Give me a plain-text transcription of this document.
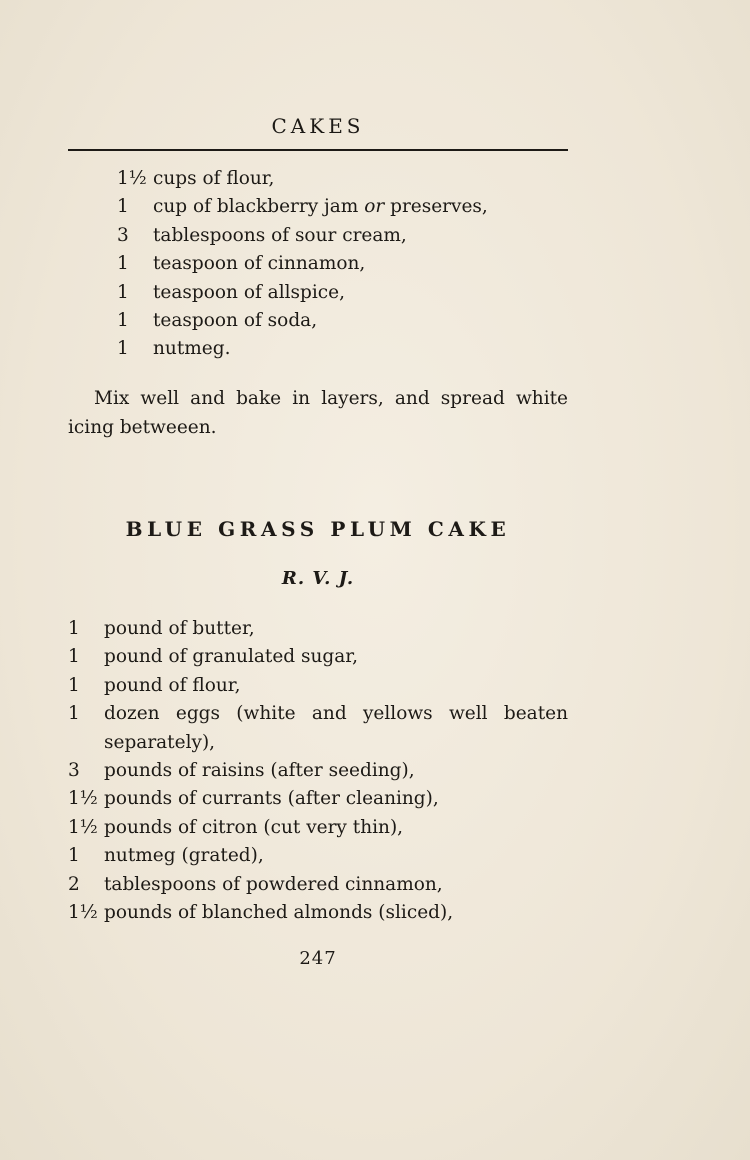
CAKES
1½ cups of flour,
1 cup of blackberry jam or preserves,
3 tablespoons of sour cream,
1 teaspoon of cinnamon,
1 teaspoon of allspice,
1 teaspoon of soda,
1 nutmeg.

Mix well and bake in layers, and spread white icing betweeen.

BLUE GRASS PLUM CAKE

R. V. J.

1 pound of butter,
1 pound of granulated sugar,
1 pound of flour,
1 dozen eggs (white and yellows well beaten separately),
3 pounds of raisins (after seeding),
1½ pounds of currants (after cleaning),
1½ pounds of citron (cut very thin),
1 nutmeg (grated),
2 tablespoons of powdered cinnamon,
1½ pounds of blanched almonds (sliced),
247
